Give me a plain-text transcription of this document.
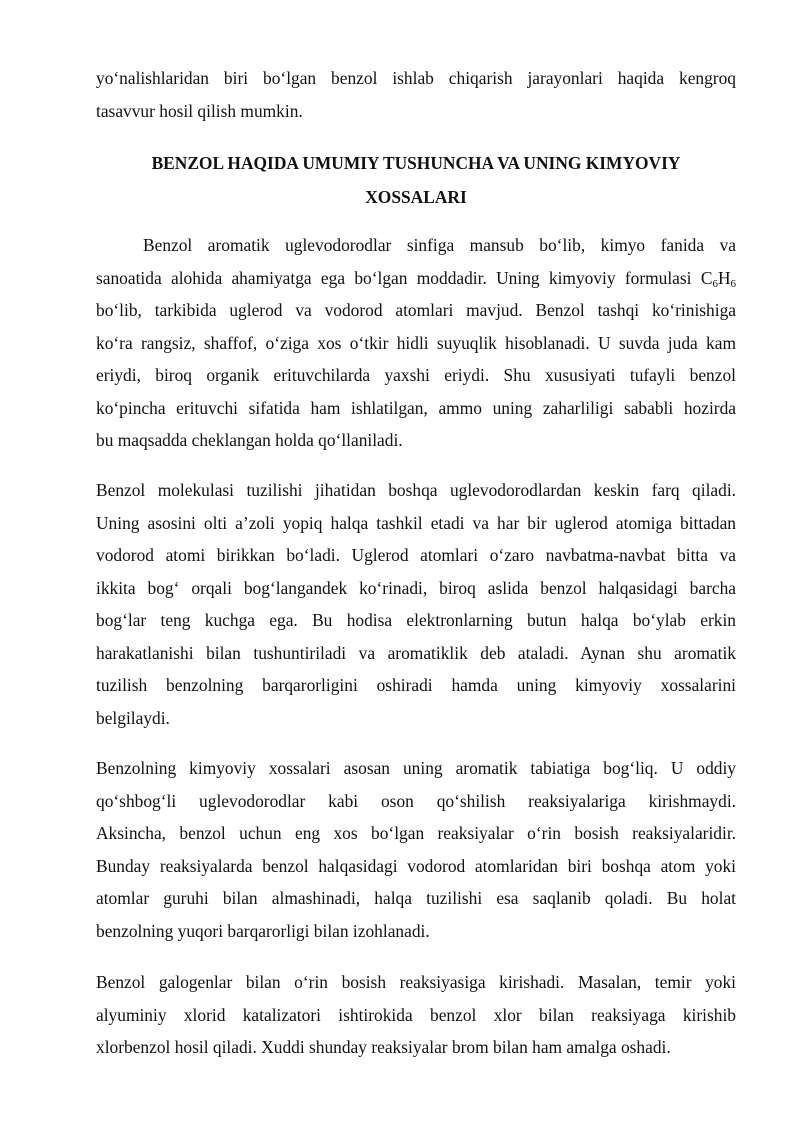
yo‘nalishlaridan biri bo‘lgan benzol ishlab chiqarish jarayonlari haqida kengroq
tasavvur hosil qilish mumkin.

BENZOL HAQIDA UMUMIY TUSHUNCHA VA UNING KIMYOVIY
XOSSALARI

Benzol aromatik uglevodorodlar sinfiga mansub bo‘lib, kimyo fanida va
sanoatida alohida ahamiyatga ega bo‘lgan moddadir. Uning kimyoviy formulasi $C_6H_6$
bo‘lib, tarkibida uglerod va vodorod atomlari mavjud. Benzol tashqi ko‘rinishiga
ko‘ra rangsiz, shaffof, o‘ziga xos o‘tkir hidli suyuqlik hisoblanadi. U suvda juda kam
eriydi, biroq organik erituvchilarda yaxshi eriydi. Shu xususiyati tufayli benzol
ko‘pincha erituvchi sifatida ham ishlatilgan, ammo uning zaharliligi sababli hozirda
bu maqsadda cheklangan holda qo‘llaniladi.

Benzol molekulasi tuzilishi jihatidan boshqa uglevodorodlardan keskin farq qiladi.
Uning asosini olti a’zoli yopiq halqa tashkil etadi va har bir uglerod atomiga bittadan
vodorod atomi birikkan bo‘ladi. Uglerod atomlari o‘zaro navbatma-navbat bitta va
ikkita bog‘ orqali bog‘langandek ko‘rinadi, biroq aslida benzol halqasidagi barcha
bog‘lar teng kuchga ega. Bu hodisa elektronlarning butun halqa bo‘ylab erkin
harakatlanishi bilan tushuntiriladi va aromatiklik deb ataladi. Aynan shu aromatik
tuzilish benzolning barqarorligini oshiradi hamda uning kimyoviy xossalarini
belgilaydi.

Benzolning kimyoviy xossalari asosan uning aromatik tabiatiga bog‘liq. U oddiy
qo‘shbog‘li uglevodorodlar kabi oson qo‘shilish reaksiyalariga kirishmaydi.
Aksincha, benzol uchun eng xos bo‘lgan reaksiyalar o‘rin bosish reaksiyalaridir.
Bunday reaksiyalarda benzol halqasidagi vodorod atomlaridan biri boshqa atom yoki
atomlar guruhi bilan almashinadi, halqa tuzilishi esa saqlanib qoladi. Bu holat
benzolning yuqori barqarorligi bilan izohlanadi.

Benzol galogenlar bilan o‘rin bosish reaksiyasiga kirishadi. Masalan, temir yoki
alyuminiy xlorid katalizatori ishtirokida benzol xlor bilan reaksiyaga kirishib
xlorbenzol hosil qiladi. Xuddi shunday reaksiyalar brom bilan ham amalga oshadi.
